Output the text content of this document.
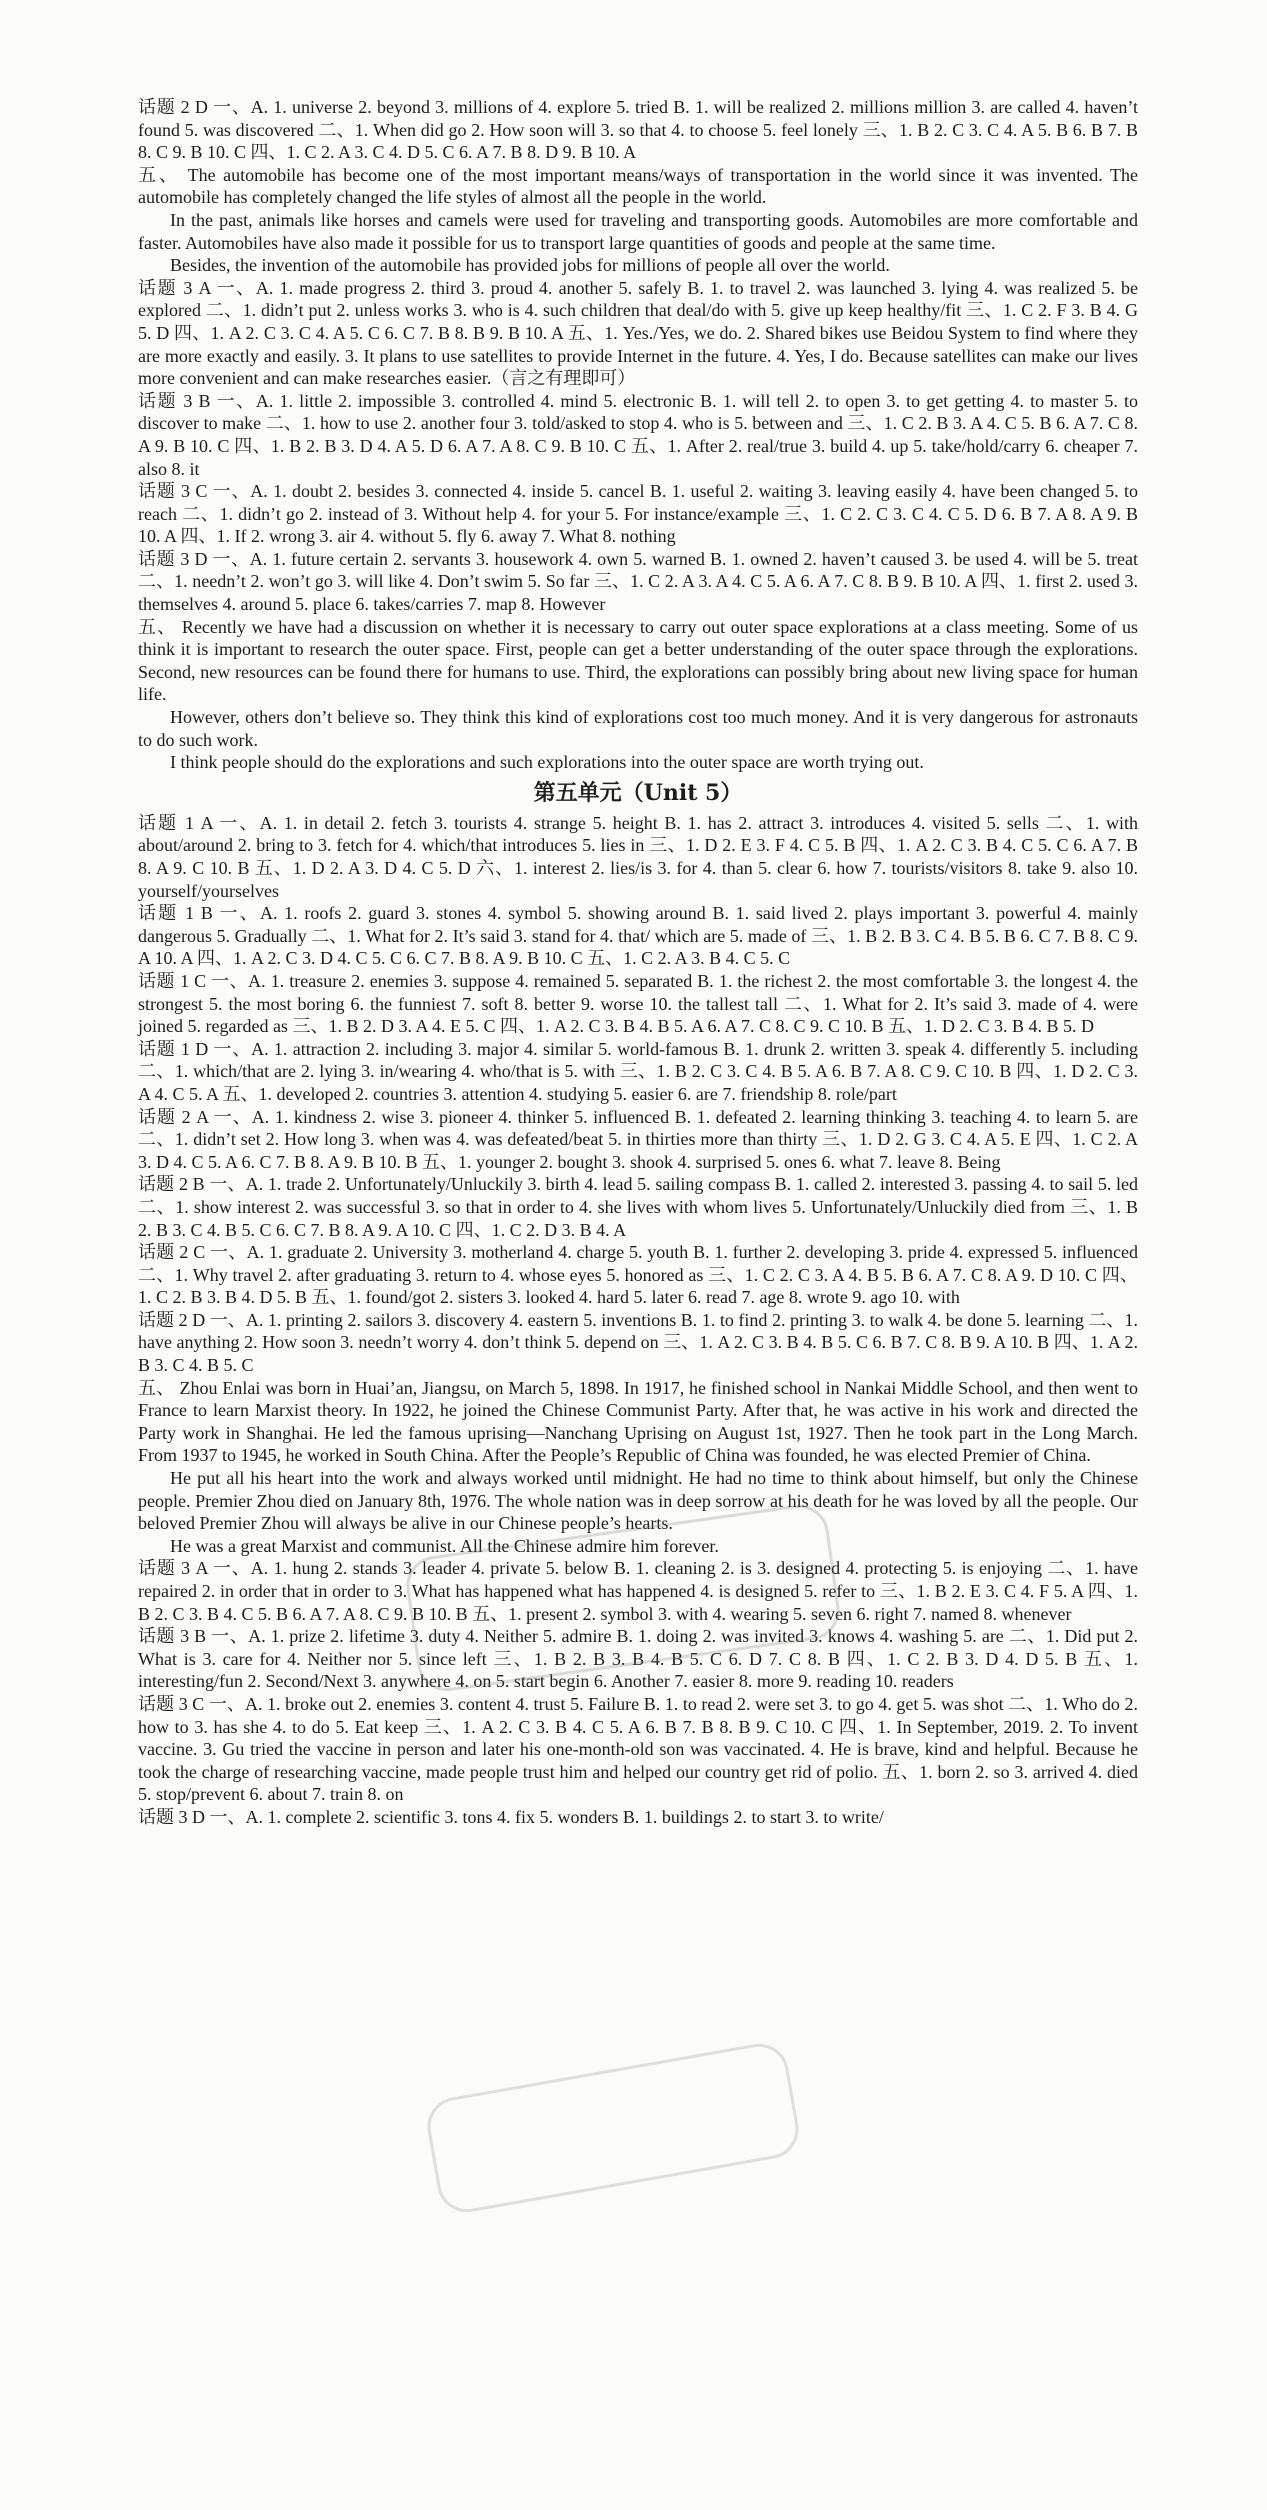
话题 2 D 一、A. 1. universe 2. beyond 3. millions of 4. explore 5. tried B. 1. will be realized 2. millions million 3. are called 4. haven’t found 5. was discovered 二、1. When did go 2. How soon will 3. so that 4. to choose 5. feel lonely 三、1. B 2. C 3. C 4. A 5. B 6. B 7. B 8. C 9. B 10. C 四、1. C 2. A 3. C 4. D 5. C 6. A 7. B 8. D 9. B 10. A

五、 The automobile has become one of the most important means/ways of transportation in the world since it was invented. The automobile has completely changed the life styles of almost all the people in the world.

In the past, animals like horses and camels were used for traveling and transporting goods. Automobiles are more comfortable and faster. Automobiles have also made it possible for us to transport large quantities of goods and people at the same time.

Besides, the invention of the automobile has provided jobs for millions of people all over the world.

话题 3 A 一、A. 1. made progress 2. third 3. proud 4. another 5. safely B. 1. to travel 2. was launched 3. lying 4. was realized 5. be explored 二、1. didn’t put 2. unless works 3. who is 4. such children that deal/do with 5. give up keep healthy/fit 三、1. C 2. F 3. B 4. G 5. D 四、1. A 2. C 3. C 4. A 5. C 6. C 7. B 8. B 9. B 10. A 五、1. Yes./Yes, we do. 2. Shared bikes use Beidou System to find where they are more exactly and easily. 3. It plans to use satellites to provide Internet in the future. 4. Yes, I do. Because satellites can make our lives more convenient and can make researches easier.（言之有理即可）

话题 3 B 一、A. 1. little 2. impossible 3. controlled 4. mind 5. electronic B. 1. will tell 2. to open 3. to get getting 4. to master 5. to discover to make 二、1. how to use 2. another four 3. told/asked to stop 4. who is 5. between and 三、1. C 2. B 3. A 4. C 5. B 6. A 7. C 8. A 9. B 10. C 四、1. B 2. B 3. D 4. A 5. D 6. A 7. A 8. C 9. B 10. C 五、1. After 2. real/true 3. build 4. up 5. take/hold/carry 6. cheaper 7. also 8. it

话题 3 C 一、A. 1. doubt 2. besides 3. connected 4. inside 5. cancel B. 1. useful 2. waiting 3. leaving easily 4. have been changed 5. to reach 二、1. didn’t go 2. instead of 3. Without help 4. for your 5. For instance/example 三、1. C 2. C 3. C 4. C 5. D 6. B 7. A 8. A 9. B 10. A 四、1. If 2. wrong 3. air 4. without 5. fly 6. away 7. What 8. nothing

话题 3 D 一、A. 1. future certain 2. servants 3. housework 4. own 5. warned B. 1. owned 2. haven’t caused 3. be used 4. will be 5. treat 二、1. needn’t 2. won’t go 3. will like 4. Don’t swim 5. So far 三、1. C 2. A 3. A 4. C 5. A 6. A 7. C 8. B 9. B 10. A 四、1. first 2. used 3. themselves 4. around 5. place 6. takes/carries 7. map 8. However

五、 Recently we have had a discussion on whether it is necessary to carry out outer space explorations at a class meeting. Some of us think it is important to research the outer space. First, people can get a better understanding of the outer space through the explorations. Second, new resources can be found there for humans to use. Third, the explorations can possibly bring about new living space for human life.

However, others don’t believe so. They think this kind of explorations cost too much money. And it is very dangerous for astronauts to do such work.

I think people should do the explorations and such explorations into the outer space are worth trying out.

第五单元（Unit 5）

话题 1 A 一、A. 1. in detail 2. fetch 3. tourists 4. strange 5. height B. 1. has 2. attract 3. introduces 4. visited 5. sells 二、1. with about/around 2. bring to 3. fetch for 4. which/that introduces 5. lies in 三、1. D 2. E 3. F 4. C 5. B 四、1. A 2. C 3. B 4. C 5. C 6. A 7. B 8. A 9. C 10. B 五、1. D 2. A 3. D 4. C 5. D 六、1. interest 2. lies/is 3. for 4. than 5. clear 6. how 7. tourists/visitors 8. take 9. also 10. yourself/yourselves

话题 1 B 一、A. 1. roofs 2. guard 3. stones 4. symbol 5. showing around B. 1. said lived 2. plays important 3. powerful 4. mainly dangerous 5. Gradually 二、1. What for 2. It’s said 3. stand for 4. that/ which are 5. made of 三、1. B 2. B 3. C 4. B 5. B 6. C 7. B 8. C 9. A 10. A 四、1. A 2. C 3. D 4. C 5. C 6. C 7. B 8. A 9. B 10. C 五、1. C 2. A 3. B 4. C 5. C

话题 1 C 一、A. 1. treasure 2. enemies 3. suppose 4. remained 5. separated B. 1. the richest 2. the most comfortable 3. the longest 4. the strongest 5. the most boring 6. the funniest 7. soft 8. better 9. worse 10. the tallest tall 二、1. What for 2. It’s said 3. made of 4. were joined 5. regarded as 三、1. B 2. D 3. A 4. E 5. C 四、1. A 2. C 3. B 4. B 5. A 6. A 7. C 8. C 9. C 10. B 五、1. D 2. C 3. B 4. B 5. D

话题 1 D 一、A. 1. attraction 2. including 3. major 4. similar 5. world-famous B. 1. drunk 2. written 3. speak 4. differently 5. including 二、1. which/that are 2. lying 3. in/wearing 4. who/that is 5. with 三、1. B 2. C 3. C 4. B 5. A 6. B 7. A 8. C 9. C 10. B 四、1. D 2. C 3. A 4. C 5. A 五、1. developed 2. countries 3. attention 4. studying 5. easier 6. are 7. friendship 8. role/part

话题 2 A 一、A. 1. kindness 2. wise 3. pioneer 4. thinker 5. influenced B. 1. defeated 2. learning thinking 3. teaching 4. to learn 5. are 二、1. didn’t set 2. How long 3. when was 4. was defeated/beat 5. in thirties more than thirty 三、1. D 2. G 3. C 4. A 5. E 四、1. C 2. A 3. D 4. C 5. A 6. C 7. B 8. A 9. B 10. B 五、1. younger 2. bought 3. shook 4. surprised 5. ones 6. what 7. leave 8. Being

话题 2 B 一、A. 1. trade 2. Unfortunately/Unluckily 3. birth 4. lead 5. sailing compass B. 1. called 2. interested 3. passing 4. to sail 5. led 二、1. show interest 2. was successful 3. so that in order to 4. she lives with whom lives 5. Unfortunately/Unluckily died from 三、1. B 2. B 3. C 4. B 5. C 6. C 7. B 8. A 9. A 10. C 四、1. C 2. D 3. B 4. A

话题 2 C 一、A. 1. graduate 2. University 3. motherland 4. charge 5. youth B. 1. further 2. developing 3. pride 4. expressed 5. influenced 二、1. Why travel 2. after graduating 3. return to 4. whose eyes 5. honored as 三、1. C 2. C 3. A 4. B 5. B 6. A 7. C 8. A 9. D 10. C 四、1. C 2. B 3. B 4. D 5. B 五、1. found/got 2. sisters 3. looked 4. hard 5. later 6. read 7. age 8. wrote 9. ago 10. with

话题 2 D 一、A. 1. printing 2. sailors 3. discovery 4. eastern 5. inventions B. 1. to find 2. printing 3. to walk 4. be done 5. learning 二、1. have anything 2. How soon 3. needn’t worry 4. don’t think 5. depend on 三、1. A 2. C 3. B 4. B 5. C 6. B 7. C 8. B 9. A 10. B 四、1. A 2. B 3. C 4. B 5. C

五、 Zhou Enlai was born in Huai’an, Jiangsu, on March 5, 1898. In 1917, he finished school in Nankai Middle School, and then went to France to learn Marxist theory. In 1922, he joined the Chinese Communist Party. After that, he was active in his work and directed the Party work in Shanghai. He led the famous uprising—Nanchang Uprising on August 1st, 1927. Then he took part in the Long March. From 1937 to 1945, he worked in South China. After the People’s Republic of China was founded, he was elected Premier of China.

He put all his heart into the work and always worked until midnight. He had no time to think about himself, but only the Chinese people. Premier Zhou died on January 8th, 1976. The whole nation was in deep sorrow at his death for he was loved by all the people. Our beloved Premier Zhou will always be alive in our Chinese people’s hearts.

He was a great Marxist and communist. All the Chinese admire him forever.

话题 3 A 一、A. 1. hung 2. stands 3. leader 4. private 5. below B. 1. cleaning 2. is 3. designed 4. protecting 5. is enjoying 二、1. have repaired 2. in order that in order to 3. What has happened what has happened 4. is designed 5. refer to 三、1. B 2. E 3. C 4. F 5. A 四、1. B 2. C 3. B 4. C 5. B 6. A 7. A 8. C 9. B 10. B 五、1. present 2. symbol 3. with 4. wearing 5. seven 6. right 7. named 8. whenever

话题 3 B 一、A. 1. prize 2. lifetime 3. duty 4. Neither 5. admire B. 1. doing 2. was invited 3. knows 4. washing 5. are 二、1. Did put 2. What is 3. care for 4. Neither nor 5. since left 三、1. B 2. B 3. B 4. B 5. C 6. D 7. C 8. B 四、1. C 2. B 3. D 4. D 5. B 五、1. interesting/fun 2. Second/Next 3. anywhere 4. on 5. start begin 6. Another 7. easier 8. more 9. reading 10. readers

话题 3 C 一、A. 1. broke out 2. enemies 3. content 4. trust 5. Failure B. 1. to read 2. were set 3. to go 4. get 5. was shot 二、1. Who do 2. how to 3. has she 4. to do 5. Eat keep 三、1. A 2. C 3. B 4. C 5. A 6. B 7. B 8. B 9. C 10. C 四、1. In September, 2019. 2. To invent vaccine. 3. Gu tried the vaccine in person and later his one-month-old son was vaccinated. 4. He is brave, kind and helpful. Because he took the charge of researching vaccine, made people trust him and helped our country get rid of polio. 五、1. born 2. so 3. arrived 4. died 5. stop/prevent 6. about 7. train 8. on

话题 3 D 一、A. 1. complete 2. scientific 3. tons 4. fix 5. wonders B. 1. buildings 2. to start 3. to write/
